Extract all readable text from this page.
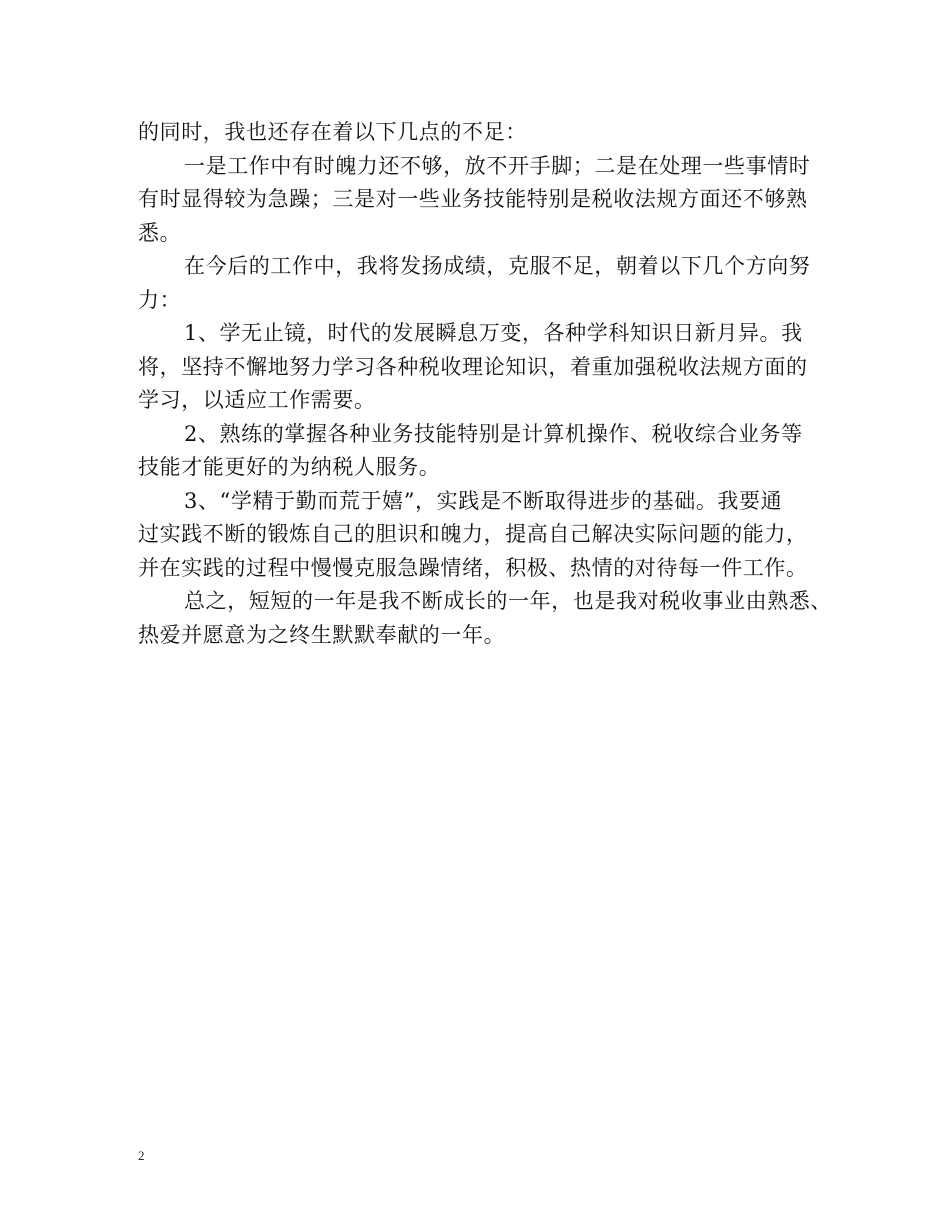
的同时，我也还存在着以下几点的不足：
一是工作中有时魄力还不够，放不开手脚；二是在处理一些事情时
有时显得较为急躁；三是对一些业务技能特别是税收法规方面还不够熟
悉。
在今后的工作中，我将发扬成绩，克服不足，朝着以下几个方向努
力：
1、学无止镜，时代的发展瞬息万变，各种学科知识日新月异。我
将，坚持不懈地努力学习各种税收理论知识，着重加强税收法规方面的
学习，以适应工作需要。
2、熟练的掌握各种业务技能特别是计算机操作、税收综合业务等
技能才能更好的为纳税人服务。
3、“学精于勤而荒于嬉”，实践是不断取得进步的基础。我要通
过实践不断的锻炼自己的胆识和魄力，提高自己解决实际问题的能力，
并在实践的过程中慢慢克服急躁情绪，积极、热情的对待每一件工作。
总之，短短的一年是我不断成长的一年，也是我对税收事业由熟悉、
热爱并愿意为之终生默默奉献的一年。
2
